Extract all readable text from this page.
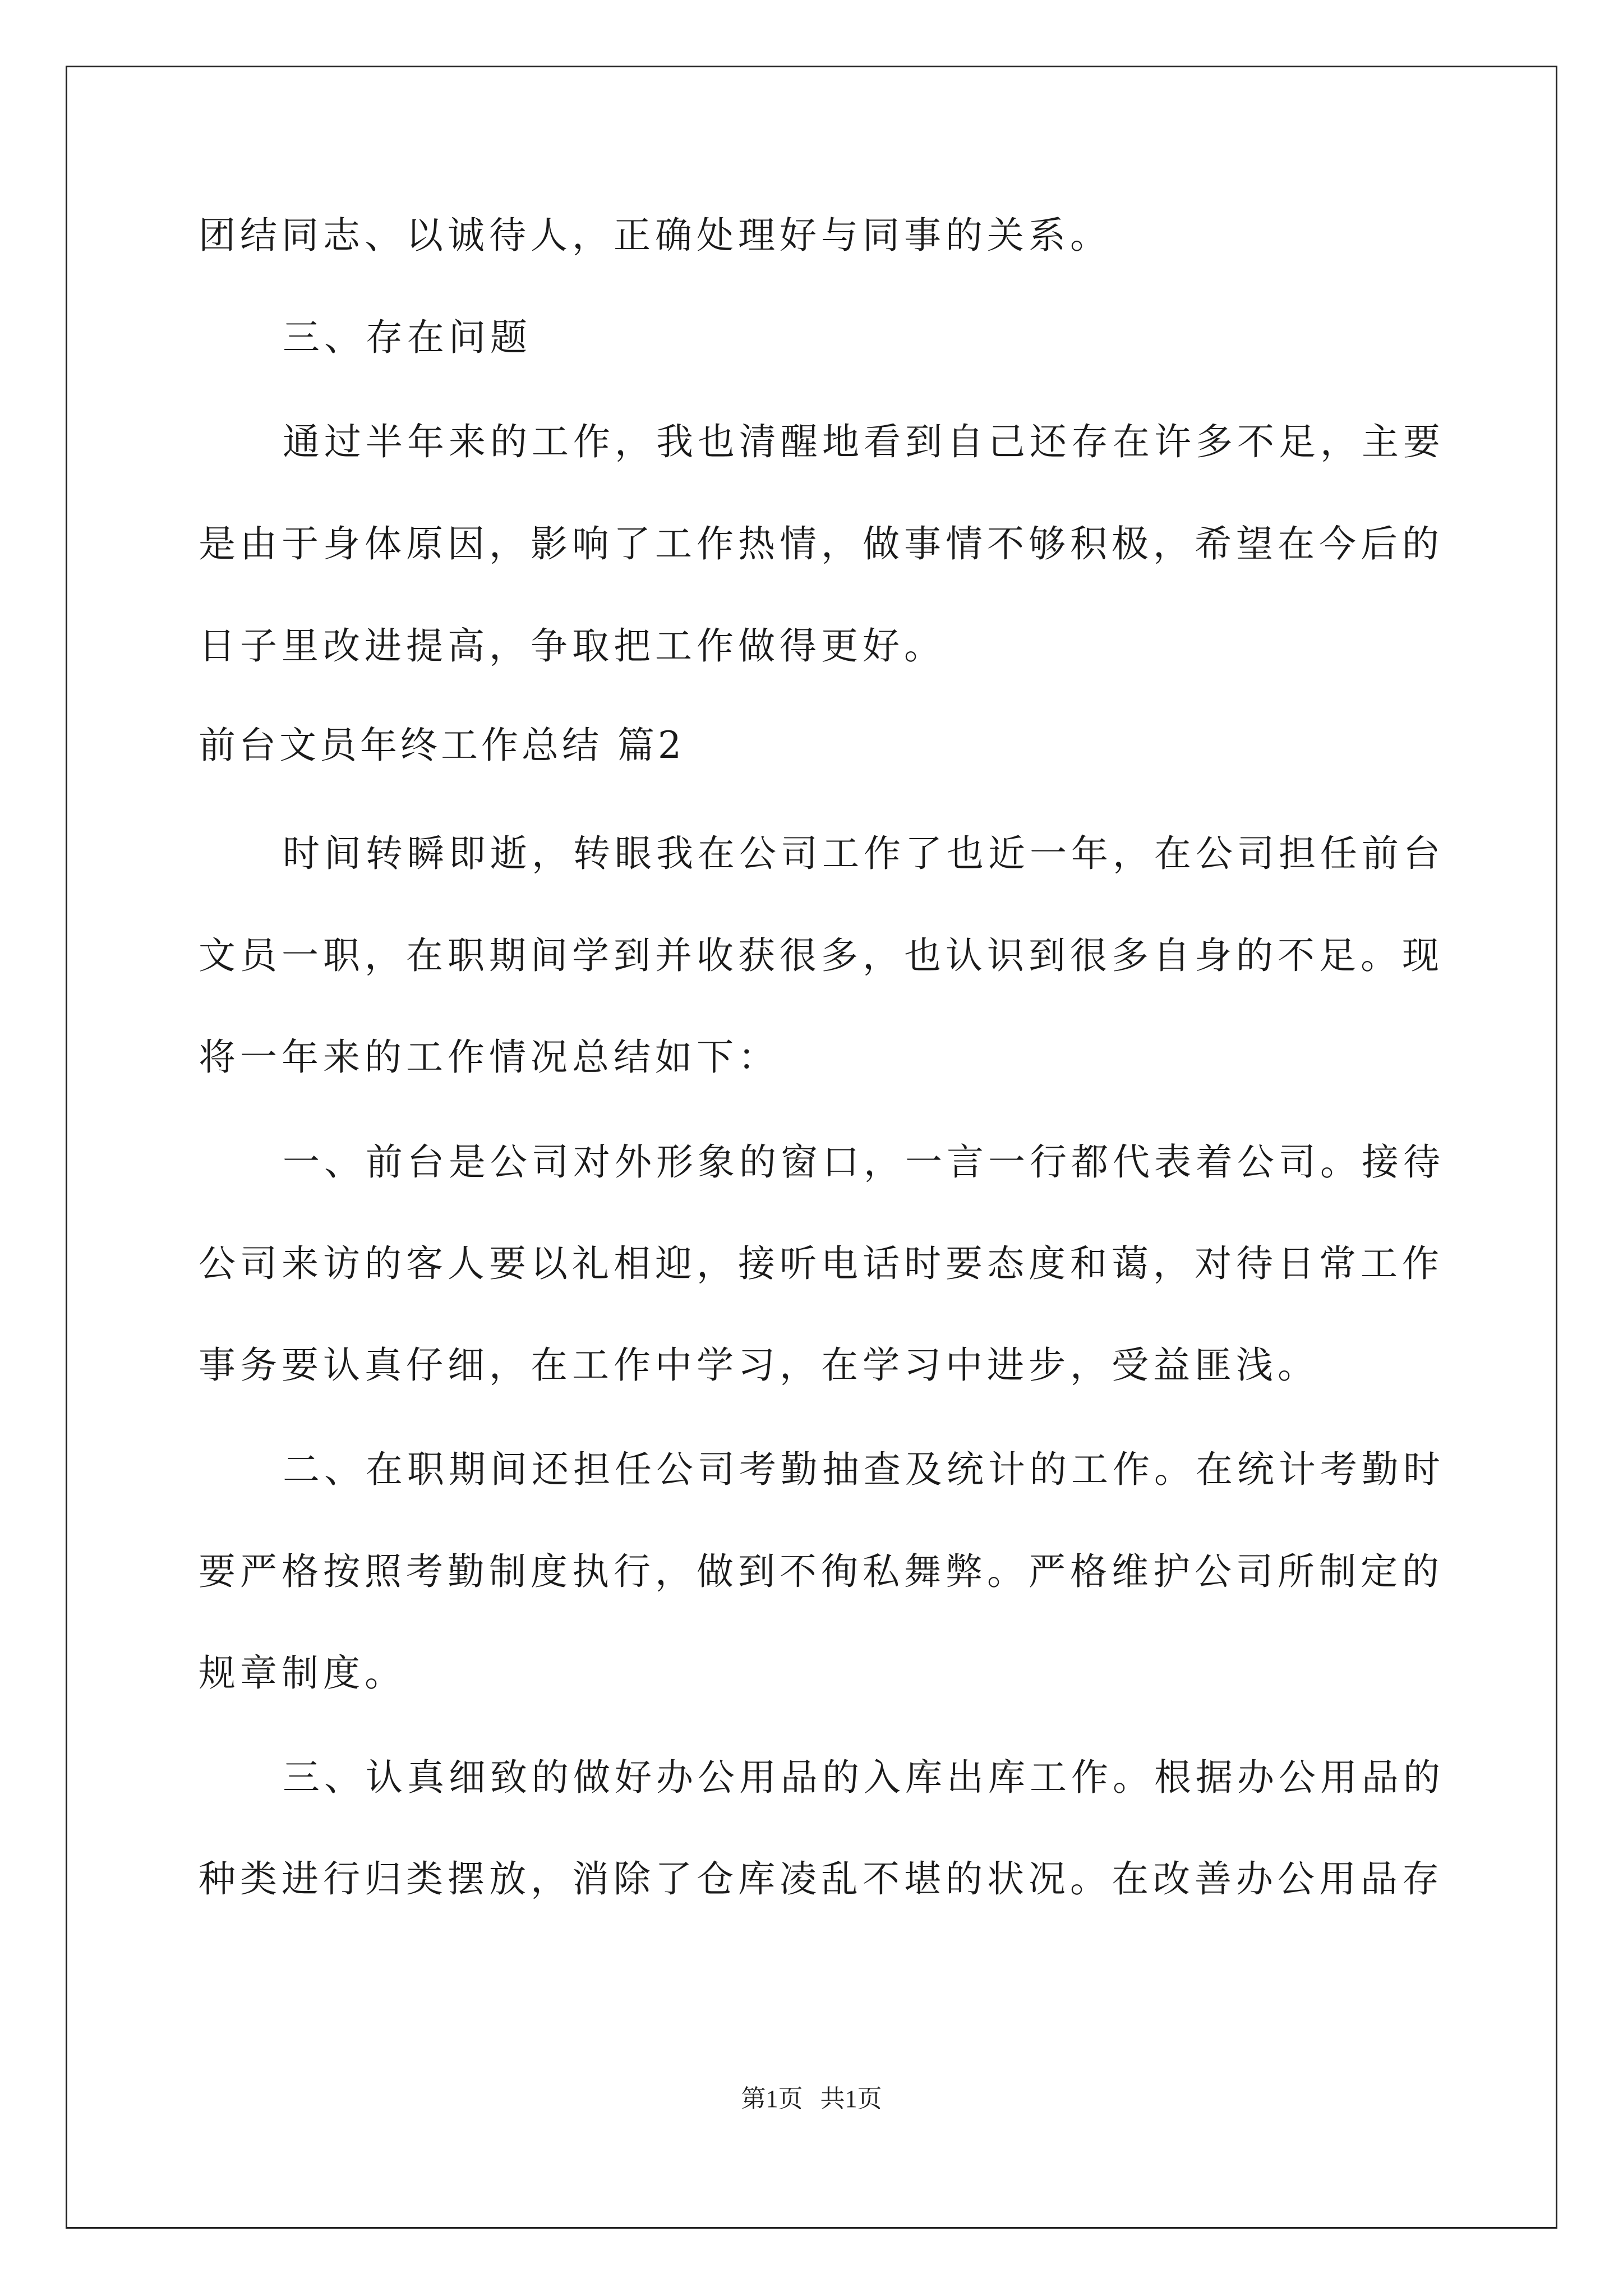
团结同志、以诚待人，正确处理好与同事的关系。
三、存在问题
通过半年来的工作，我也清醒地看到自己还存在许多不足，主要
是由于身体原因，影响了工作热情，做事情不够积极，希望在今后的
日子里改进提高，争取把工作做得更好。
前台文员年终工作总结 篇2
时间转瞬即逝，转眼我在公司工作了也近一年，在公司担任前台
文员一职，在职期间学到并收获很多，也认识到很多自身的不足。现
将一年来的工作情况总结如下：
一、前台是公司对外形象的窗口，一言一行都代表着公司。接待
公司来访的客人要以礼相迎，接听电话时要态度和蔼，对待日常工作
事务要认真仔细，在工作中学习，在学习中进步，受益匪浅。
二、在职期间还担任公司考勤抽查及统计的工作。在统计考勤时
要严格按照考勤制度执行，做到不徇私舞弊。严格维护公司所制定的
规章制度。
三、认真细致的做好办公用品的入库出库工作。根据办公用品的
种类进行归类摆放，消除了仓库凌乱不堪的状况。在改善办公用品存
第1页 共1页
